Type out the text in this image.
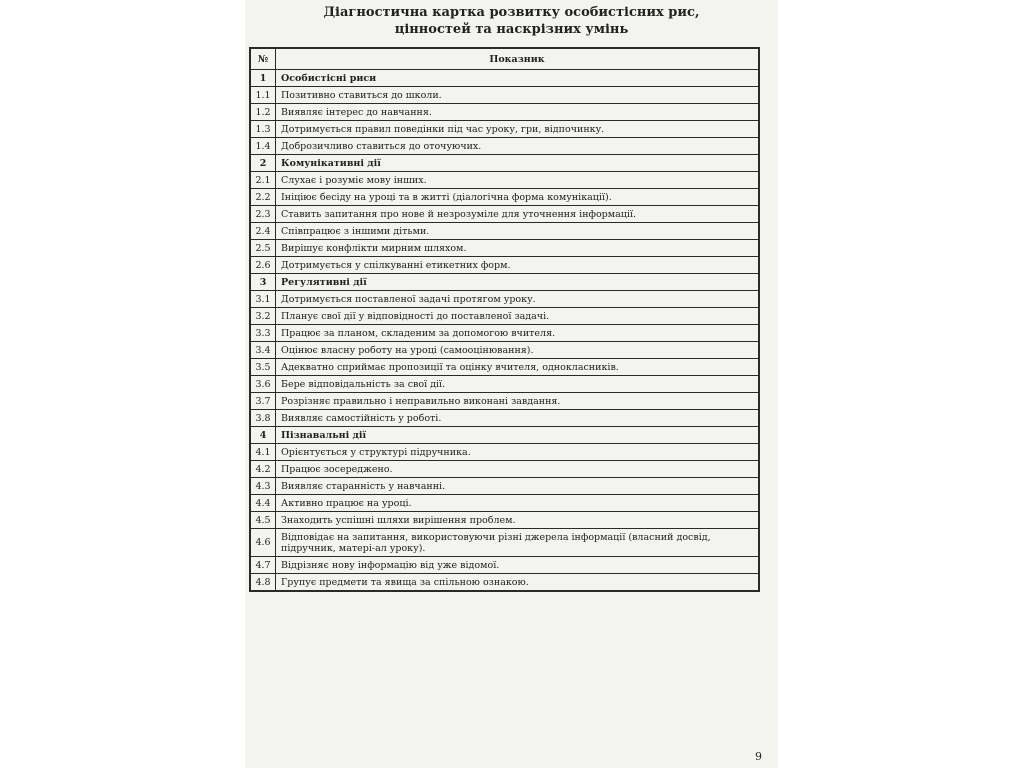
Діагностична картка розвитку особистісних рис,
цінностей та наскрізних умінь
№	Показник
1	Особистісні риси
1.1	Позитивно ставиться до школи.
1.2	Виявляє інтерес до навчання.
1.3	Дотримується правил поведінки під час уроку, гри, відпочинку.
1.4	Доброзичливо ставиться до оточуючих.
2	Комунікативні дії
2.1	Слухає і розуміє мову інших.
2.2	Ініціює бесіду на уроці та в житті (діалогічна форма комунікації).
2.3	Ставить запитання про нове й незрозуміле для уточнення інформації.
2.4	Співпрацює з іншими дітьми.
2.5	Вирішує конфлікти мирним шляхом.
2.6	Дотримується у спілкуванні етикетних форм.
3	Регулятивні дії
3.1	Дотримується поставленої задачі протягом уроку.
3.2	Планує свої дії у відповідності до поставленої задачі.
3.3	Працює за планом, складеним за допомогою вчителя.
3.4	Оцінює власну роботу на уроці (самооцінювання).
3.5	Адекватно сприймає пропозиції та оцінку вчителя, однокласників.
3.6	Бере відповідальність за свої дії.
3.7	Розрізняє правильно і неправильно виконані завдання.
3.8	Виявляє самостійність у роботі.
4	Пізнавальні дії
4.1	Орієнтується у структурі підручника.
4.2	Працює зосереджено.
4.3	Виявляє старанність у навчанні.
4.4	Активно працює на уроці.
4.5	Знаходить успішні шляхи вирішення проблем.
4.6	Відповідає на запитання, використовуючи різні джерела інформації (власний досвід, підручник, матері-ал уроку).
4.7	Відрізняє нову інформацію від уже відомої.
4.8	Групує предмети та явища за спільною ознакою.
9
